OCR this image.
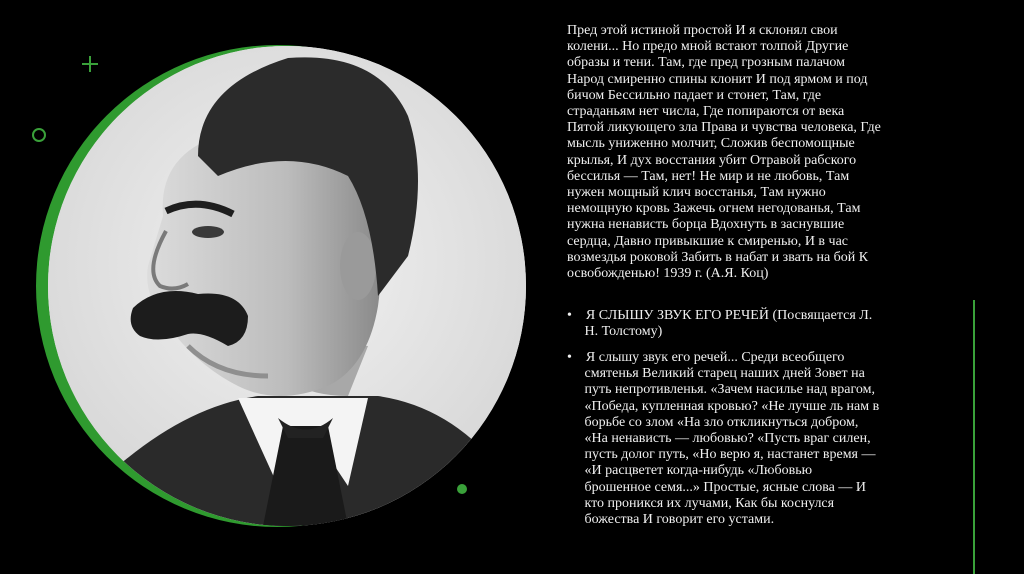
Пред этой истиной простой И я склонял свои
колени... Но предо мной встают толпой Другие
образы и тени. Там, где пред грозным палачом
Народ смиренно спины клонит И под ярмом и под
бичом Бессильно падает и стонет, Там, где
страданьям нет числа, Где попираются от века
Пятой ликующего зла Права и чувства человека, Где
мысль униженно молчит, Сложив беспомощные
крылья, И дух восстания убит Отравой рабского
бессилья — Там, нет! Не мир и не любовь, Там
нужен мощный клич восстанья, Там нужно
немощную кровь Зажечь огнем негодованья, Там
нужна ненависть борца Вдохнуть в заснувшие
сердца, Давно привыкшие к смиренью, И в час
возмездья роковой Забить в набат и звать на бой К
освобожденью! 1939 г. (А.Я. Коц)
• Я СЛЫШУ ЗВУК ЕГО РЕЧЕЙ (Посвящается Л.
Н. Толстому)
•    Я слышу звук его речей... Среди всеобщего
смятенья Великий старец наших дней Зовет на
путь непротивленья. «Зачем насилье над врагом,
«Победа, купленная кровью? «Не лучше ль нам в
борьбе со злом «На зло откликнуться добром,
«На ненависть — любовью? «Пусть враг силен,
пусть долог путь, «Но верю я, настанет время —
«И расцветет когда-нибудь «Любовью
брошенное семя...» Простые, ясные слова — И
кто проникся их лучами, Как бы коснулся
божества И говорит его устами.
